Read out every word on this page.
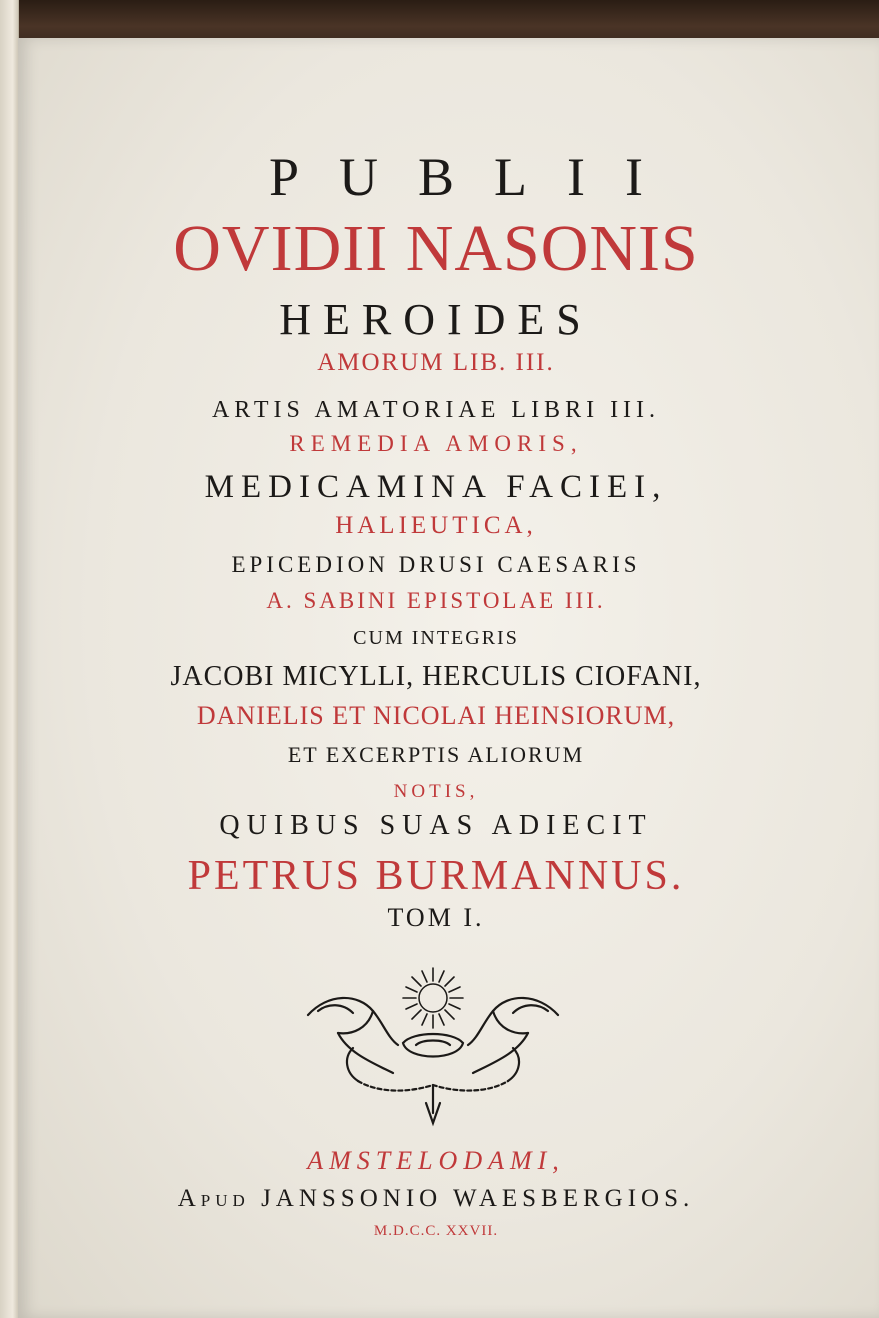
PUBLII
OVIDII NASONIS
HEROIDES
AMORUM LIB. III.
ARTIS AMATORIAE LIBRI III.
REMEDIA AMORIS,
MEDICAMINA FACIEI,
HALIEUTICA,
EPICEDION DRUSI CAESARIS
A. SABINI EPISTOLAE III.
CUM INTEGRIS
JACOBI MICYLLI, HERCULIS CIOFANI,
DANIELIS ET NICOLAI HEINSIORUM,
ET EXCERPTIS ALIORUM
NOTIS,
QUIBUS SUAS ADIECIT
PETRUS BURMANNUS.
TOM I.
AMSTELODAMI,
APUD JANSSONIO WAESBERGIOS.
M.D.C.C. XXVII.
